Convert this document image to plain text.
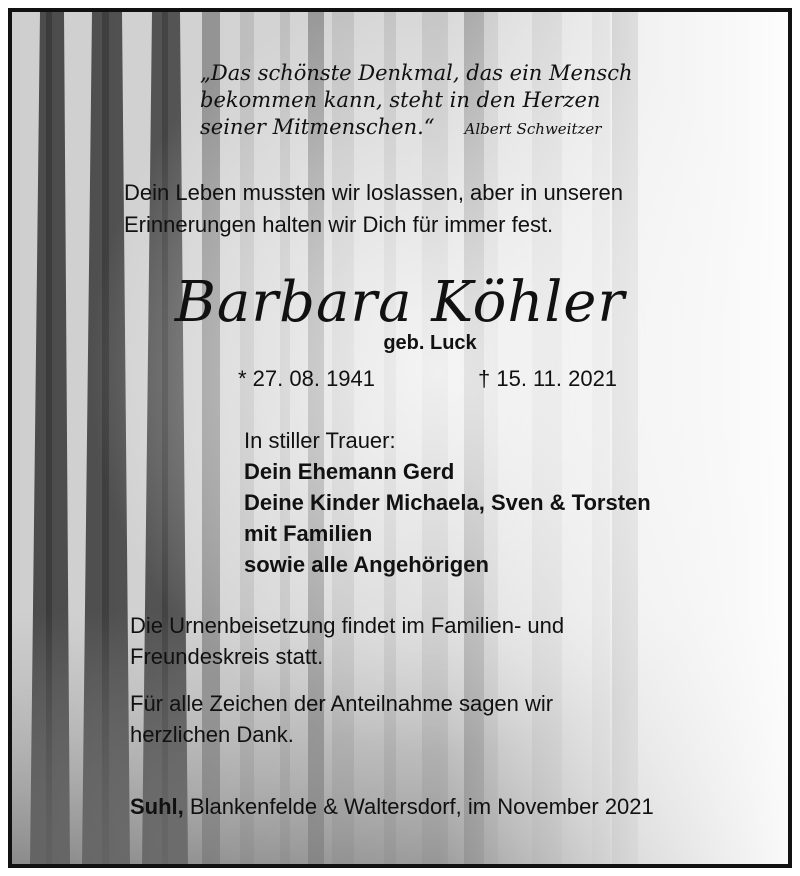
„Das schönste Denkmal, das ein Mensch
bekommen kann, steht in den Herzen
seiner Mitmenschen.“ Albert Schweitzer
Dein Leben mussten wir loslassen, aber in unseren
Erinnerungen halten wir Dich für immer fest.
Barbara Köhler
geb. Luck
* 27. 08. 1941	† 15. 11. 2021
In stiller Trauer:
Dein Ehemann Gerd
Deine Kinder Michaela, Sven & Torsten
mit Familien
sowie alle Angehörigen
Die Urnenbeisetzung findet im Familien- und
Freundeskreis statt.
Für alle Zeichen der Anteilnahme sagen wir
herzlichen Dank.
Suhl, Blankenfelde & Waltersdorf, im November 2021
